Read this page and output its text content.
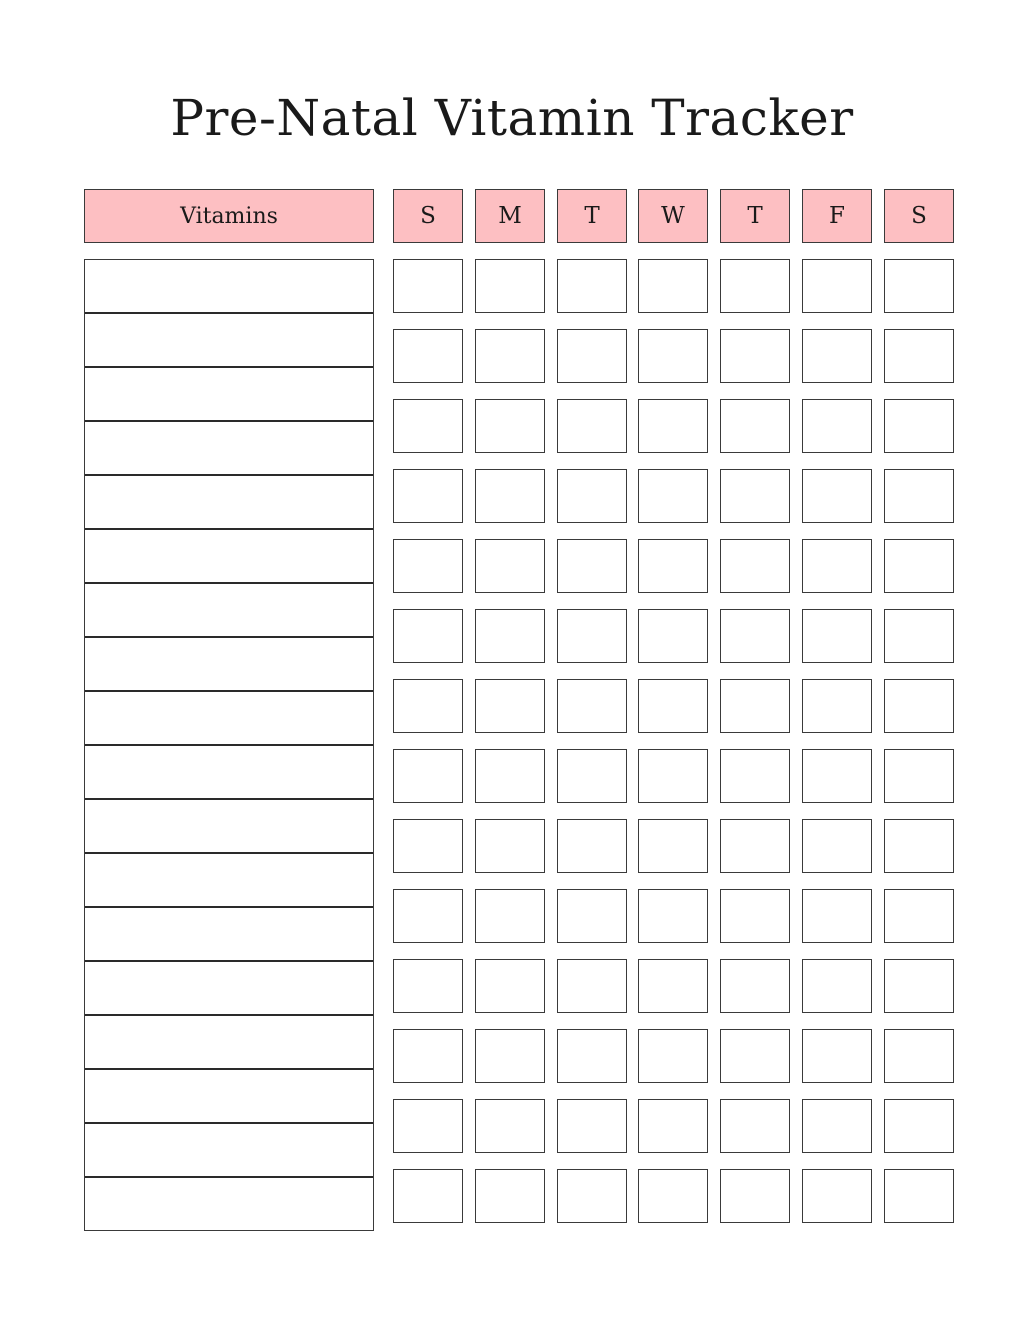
Pre-Natal Vitamin Tracker
Vitamins	S	M	T	W	T	F	S
